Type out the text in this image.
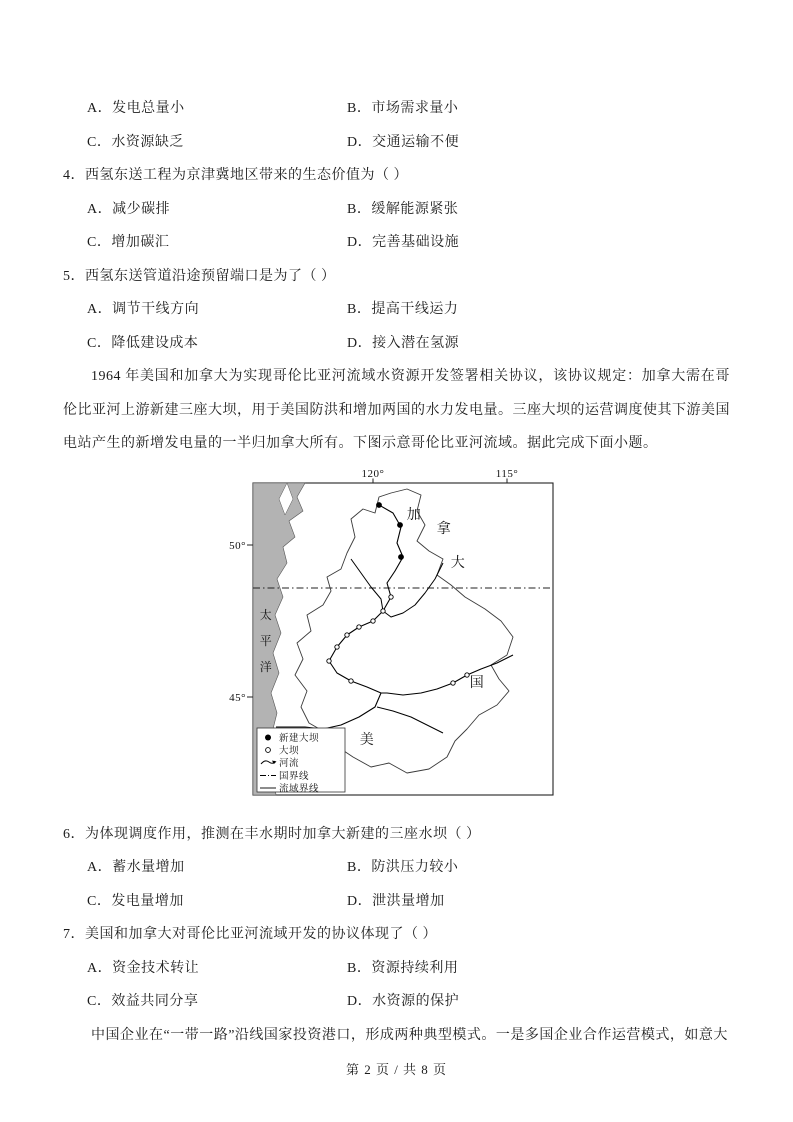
A．发电总量小	B．市场需求量小
C．水资源缺乏	D．交通运输不便
4．西氢东送工程为京津冀地区带来的生态价值为（ ）
A．减少碳排	B．缓解能源紧张
C．增加碳汇	D．完善基础设施
5．西氢东送管道沿途预留端口是为了（ ）
A．调节干线方向	B．提高干线运力
C．降低建设成本	D．接入潜在氢源

1964 年美国和加拿大为实现哥伦比亚河流域水资源开发签署相关协议，该协议规定：加拿大需在哥伦比亚河上游新建三座大坝，用于美国防洪和增加两国的水力发电量。三座大坝的运营调度使其下游美国电站产生的新增发电量的一半归加拿大所有。下图示意哥伦比亚河流域。据此完成下面小题。

太
平
洋
120°	115°
50°
45°
加
拿
大
国
美
新建大坝
大坝
河流
国界线
流域界线
6．为体现调度作用，推测在丰水期时加拿大新建的三座水坝（ ）
A．蓄水量增加	B．防洪压力较小
C．发电量增加	D．泄洪量增加
7．美国和加拿大对哥伦比亚河流域开发的协议体现了（ ）
A．资金技术转让	B．资源持续利用
C．效益共同分享	D．水资源的保护

中国企业在“一带一路”沿线国家投资港口，形成两种典型模式。一是多国企业合作运营模式，如意大

第 2 页 / 共 8 页
